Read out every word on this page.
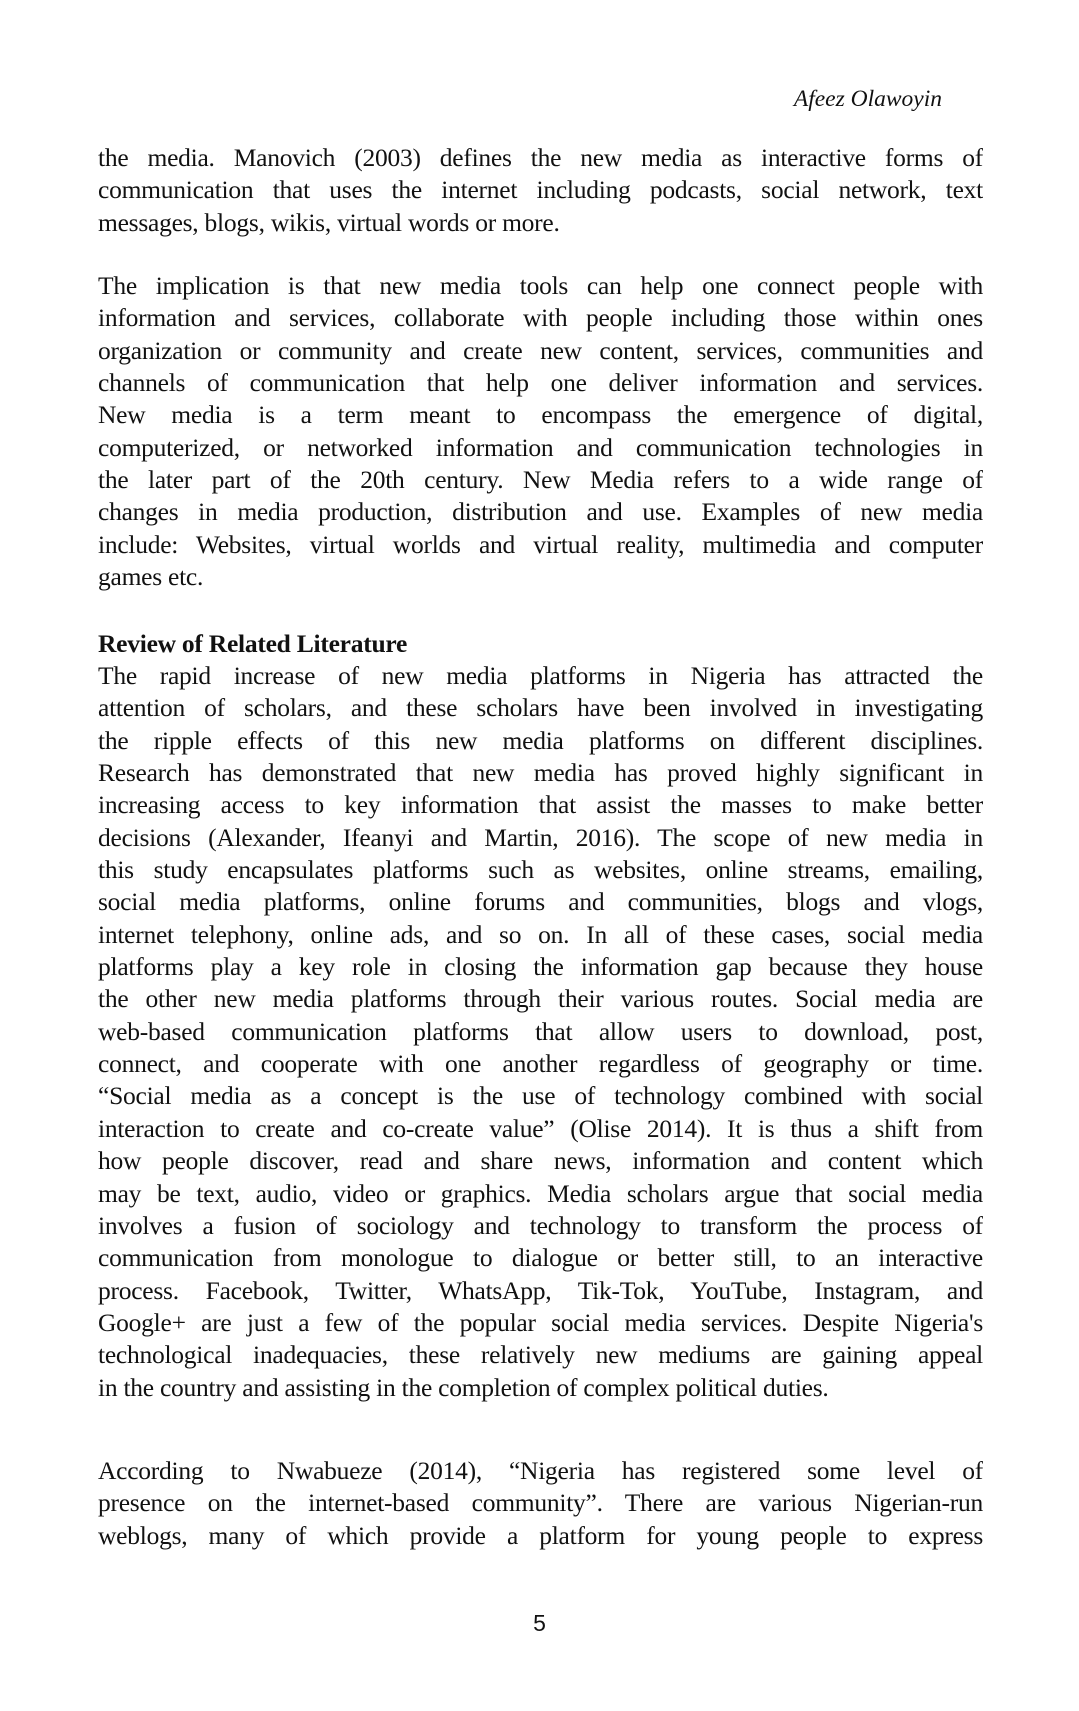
Afeez Olawoyin
the media. Manovich (2003) defines the new media as interactive forms of
communication that uses the internet including podcasts, social network, text
messages, blogs, wikis, virtual words or more.
The implication is that new media tools can help one connect people with
information and services, collaborate with people including those within ones
organization or community and create new content, services, communities and
channels of communication that help one deliver information and services.
New media is a term meant to encompass the emergence of digital,
computerized, or networked information and communication technologies in
the later part of the 20th century. New Media refers to a wide range of
changes in media production, distribution and use. Examples of new media
include: Websites, virtual worlds and virtual reality, multimedia and computer
games etc.
Review of Related Literature
The rapid increase of new media platforms in Nigeria has attracted the
attention of scholars, and these scholars have been involved in investigating
the ripple effects of this new media platforms on different disciplines.
Research has demonstrated that new media has proved highly significant in
increasing access to key information that assist the masses to make better
decisions (Alexander, Ifeanyi and Martin, 2016). The scope of new media in
this study encapsulates platforms such as websites, online streams, emailing,
social media platforms, online forums and communities, blogs and vlogs,
internet telephony, online ads, and so on. In all of these cases, social media
platforms play a key role in closing the information gap because they house
the other new media platforms through their various routes. Social media are
web-based communication platforms that allow users to download, post,
connect, and cooperate with one another regardless of geography or time.
“Social media as a concept is the use of technology combined with social
interaction to create and co-create value” (Olise 2014). It is thus a shift from
how people discover, read and share news, information and content which
may be text, audio, video or graphics. Media scholars argue that social media
involves a fusion of sociology and technology to transform the process of
communication from monologue to dialogue or better still, to an interactive
process. Facebook, Twitter, WhatsApp, Tik-Tok, YouTube, Instagram, and
Google+ are just a few of the popular social media services. Despite Nigeria's
technological inadequacies, these relatively new mediums are gaining appeal
in the country and assisting in the completion of complex political duties.
According to Nwabueze (2014), “Nigeria has registered some level of
presence on the internet-based community”. There are various Nigerian-run
weblogs, many of which provide a platform for young people to express
5
